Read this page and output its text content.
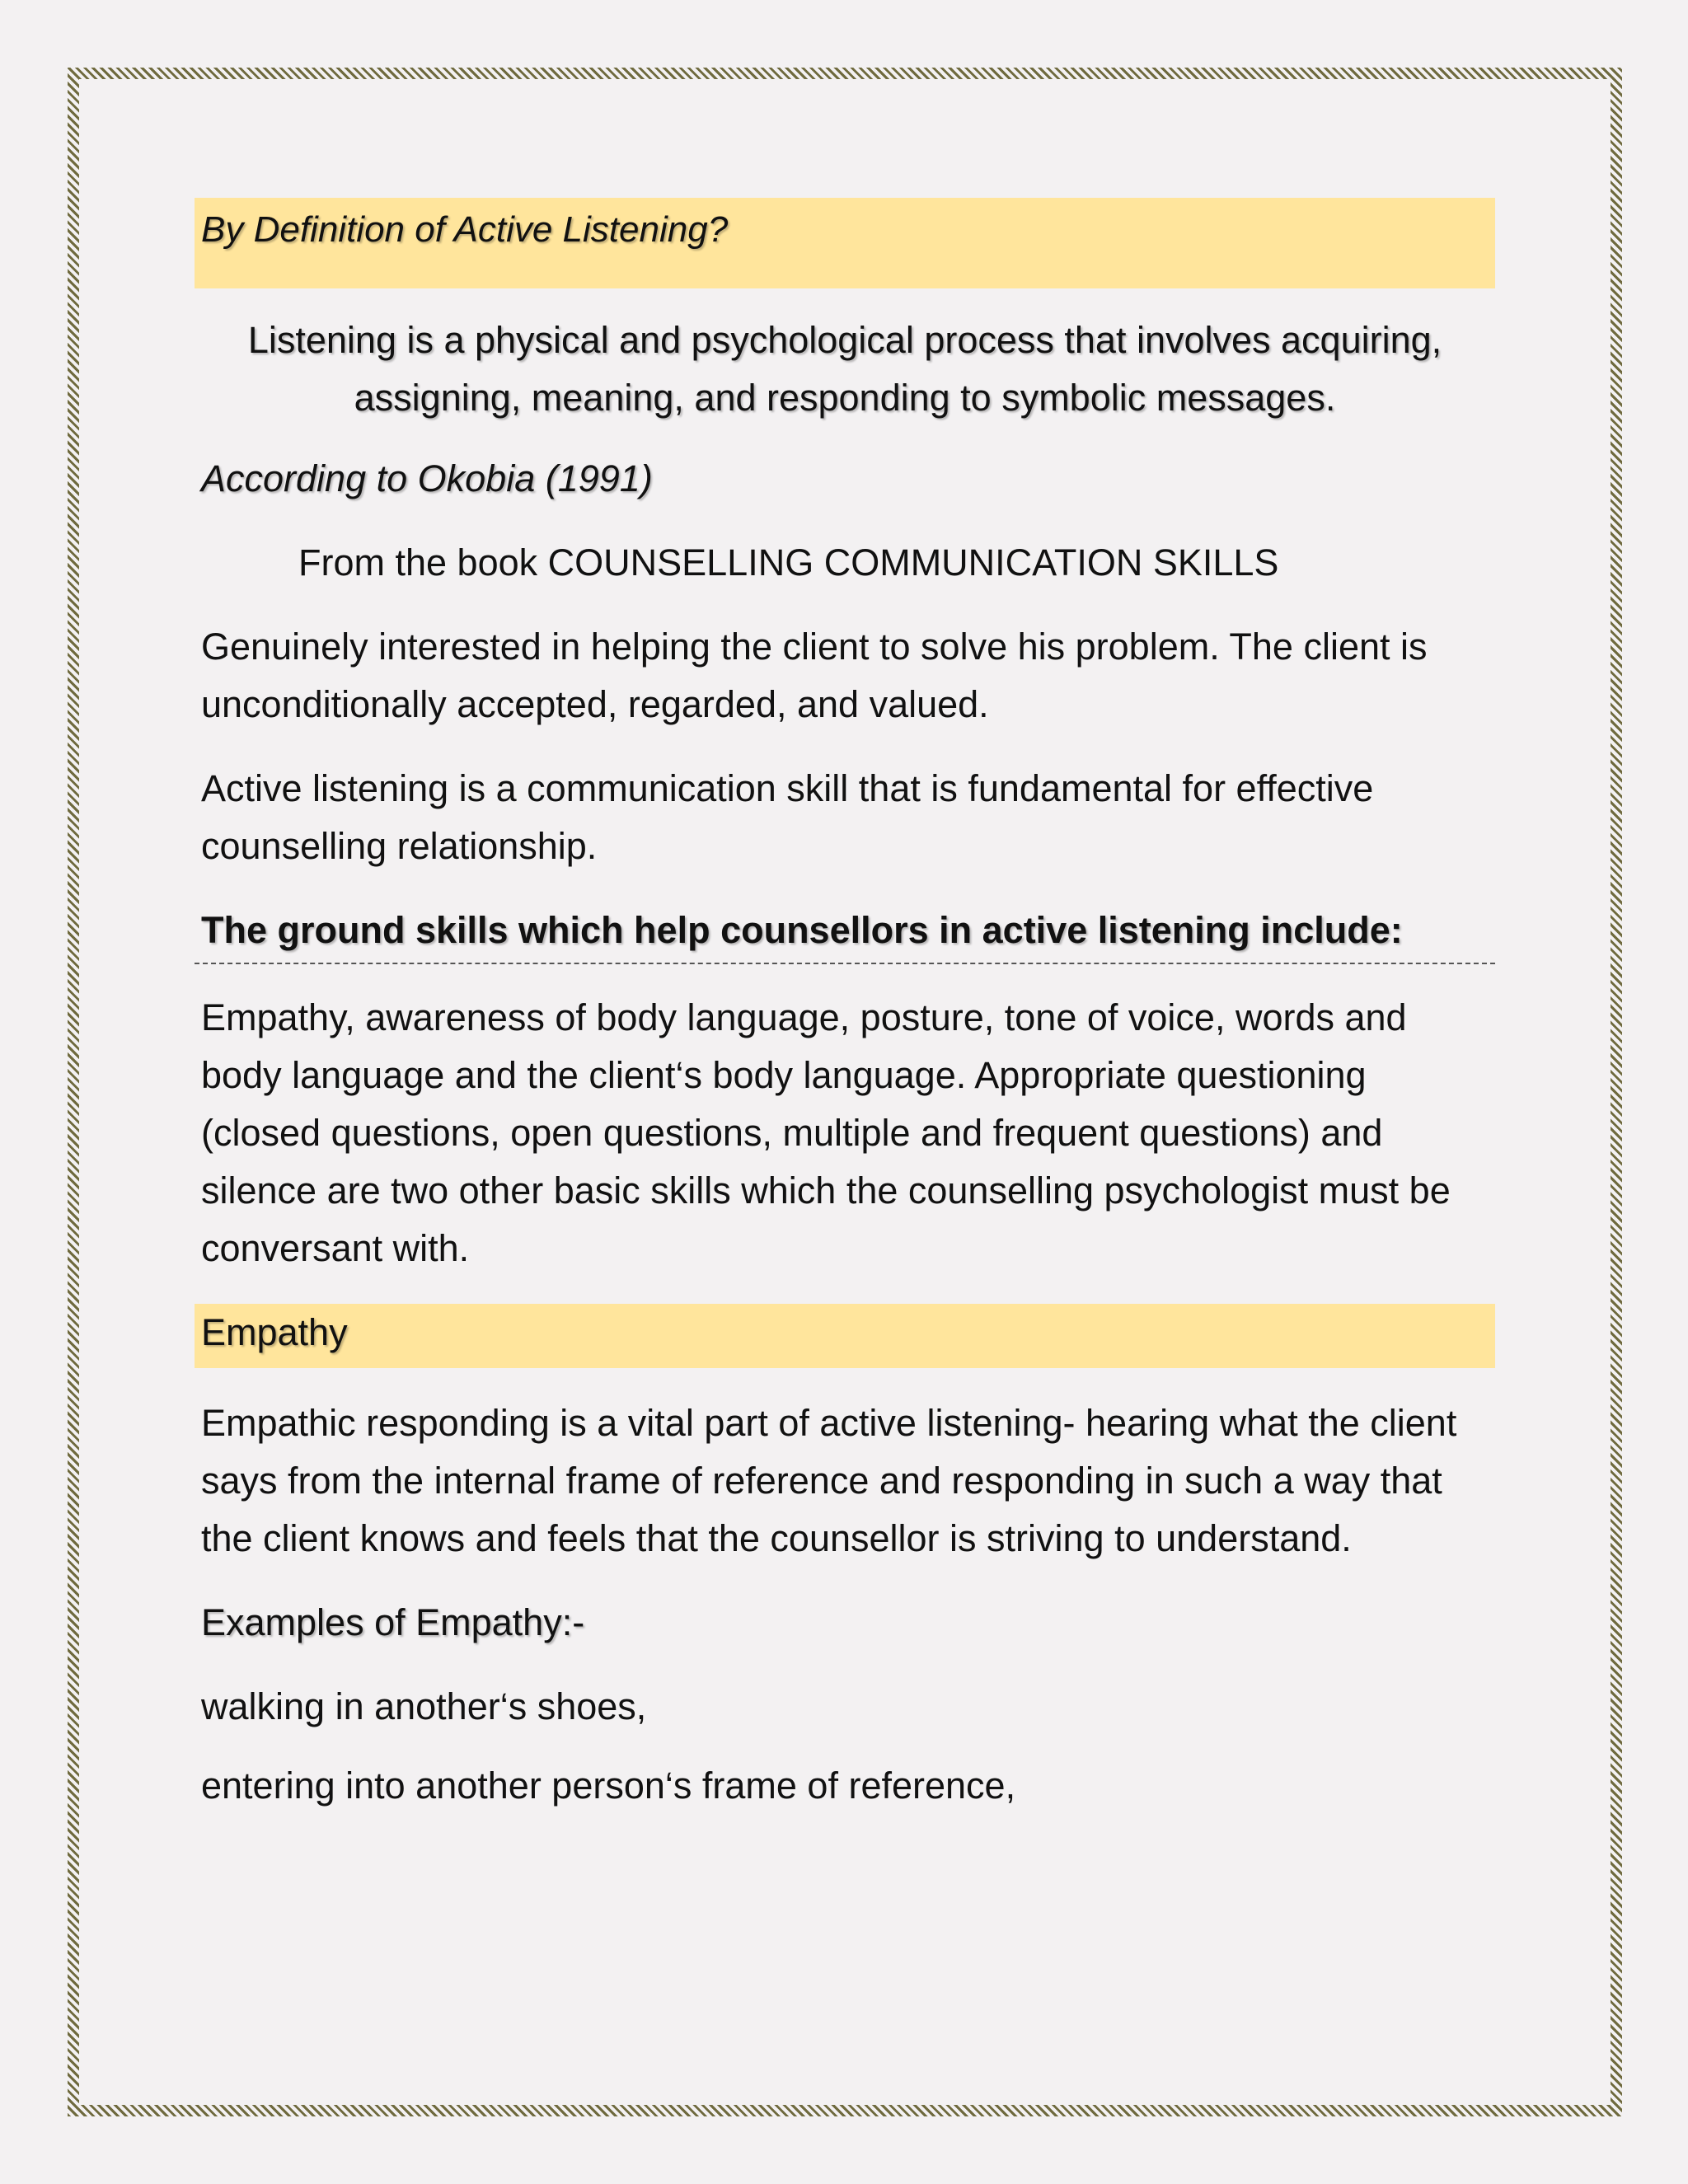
By Definition of Active Listening?

Listening is a physical and psychological process that involves acquiring, assigning, meaning, and responding to symbolic messages.

According to Okobia (1991)

From the book COUNSELLING COMMUNICATION SKILLS

Genuinely interested in helping the client to solve his problem. The client is unconditionally accepted, regarded, and valued.

Active listening is a communication skill that is fundamental for effective counselling relationship.

The ground skills which help counsellors in active listening include:

Empathy, awareness of body language, posture, tone of voice, words and body language and the client‘s body language. Appropriate questioning (closed questions, open questions, multiple and frequent questions) and silence are two other basic skills which the counselling psychologist must be conversant with.

Empathy

Empathic responding is a vital part of active listening- hearing what the client says from the internal frame of reference and responding in such a way that the client knows and feels that the counsellor is striving to understand.

Examples of Empathy:-

walking in another‘s shoes,

entering into another person‘s frame of reference,
